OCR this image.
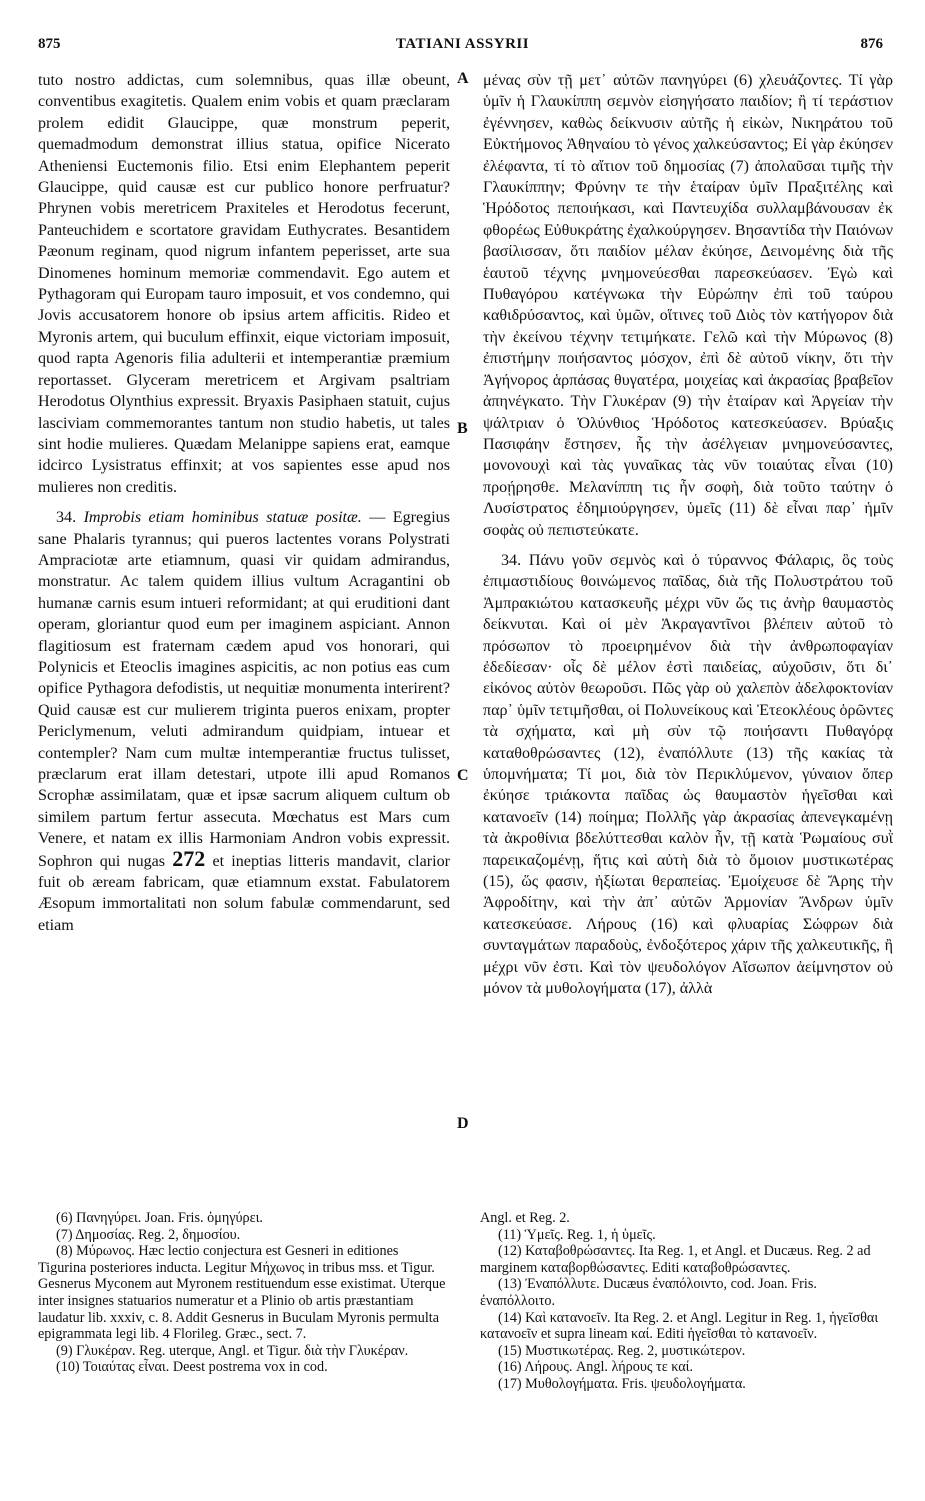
875	TATIANI ASSYRII	876

tuto nostro addictas, cum solemnibus, quas illæ obeunt, conventibus exagitetis. Qualem enim vobis et quam præclaram prolem edidit Glaucippe, quæ monstrum peperit, quemadmodum demonstrat illius statua, opifice Nicerato Atheniensi Euctemonis filio. Etsi enim Elephantem peperit Glaucippe, quid causæ est cur publico honore perfruatur? Phrynen vobis meretricem Praxiteles et Herodotus fecerunt, Panteuchidem e scortatore gravidam Euthycrates. Besantidem Pæonum reginam, quod nigrum infantem peperisset, arte sua Dinomenes hominum memoriæ commendavit. Ego autem et Pythagoram qui Europam tauro imposuit, et vos condemno, qui Jovis accusatorem honore ob ipsius artem afficitis. Rideo et Myronis artem, qui buculum effinxit, eique victoriam imposuit, quod rapta Agenoris filia adulterii et intemperantiæ præmium reportasset. Glyceram meretricem et Argivam psaltriam Herodotus Olynthius expressit. Bryaxis Pasiphaen statuit, cujus lasciviam commemorantes tantum non studio habetis, ut tales sint hodie mulieres. Quædam Melanippe sapiens erat, eamque idcirco Lysistratus effinxit; at vos sapientes esse apud nos mulieres non creditis.

34. Improbis etiam hominibus statuæ positæ. — Egregius sane Phalaris tyrannus; qui pueros lactentes vorans Polystrati Ampraciotæ arte etiamnum, quasi vir quidam admirandus, monstratur. Ac talem quidem illius vultum Acragantini ob humanæ carnis esum intueri reformidant; at qui eruditioni dant operam, gloriantur quod eum per imaginem aspiciant. Annon flagitiosum est fraternam cædem apud vos honorari, qui Polynicis et Eteoclis imagines aspicitis, ac non potius eas cum opifice Pythagora defodistis, ut nequitiæ monumenta interirent? Quid causæ est cur mulierem triginta pueros enixam, propter Periclymenum, veluti admirandum quidpiam, intuear et contempler? Nam cum multæ intemperantiæ fructus tulisset, præclarum erat illam detestari, utpote illi apud Romanos Scrophæ assimilatam, quæ et ipsæ sacrum aliquem cultum ob similem partum fertur assecuta. Mœchatus est Mars cum Venere, et natam ex illis Harmoniam Andron vobis expressit. Sophron qui nugas 272 et ineptias litteris mandavit, clarior fuit ob æream fabricam, quæ etiamnum exstat. Fabulatorem Æsopum immortalitati non solum fabulæ commendarunt, sed etiam

A
B
C
D

μένας σὺν τῇ μετ᾽ αὐτῶν πανηγύρει (6) χλευάζοντες. Τί γὰρ ὑμῖν ἡ Γλαυκίππη σεμνὸν εἰσηγήσατο παιδίον; ἢ τί τεράστιον ἐγέννησεν, καθὼς δείκνυσιν αὐτῆς ἡ εἰκὼν, Νικηράτου τοῦ Εὐκτήμονος Ἀθηναίου τὸ γένος χαλκεύσαντος; Εἰ γὰρ ἐκύησεν ἐλέφαντα, τί τὸ αἴτιον τοῦ δημοσίας (7) ἀπολαῦσαι τιμῆς τὴν Γλαυκίππην; Φρύνην τε τὴν ἑταίραν ὑμῖν Πραξιτέλης καὶ Ἡρόδοτος πεποιήκασι, καὶ Παντευχίδα συλλαμβάνουσαν ἐκ φθορέως Εὐθυκράτης ἐχαλκούργησεν. Βησαντίδα τὴν Παιόνων βασίλισσαν, ὅτι παιδίον μέλαν ἐκύησε, Δεινομένης διὰ τῆς ἑαυτοῦ τέχνης μνημονεύεσθαι παρεσκεύασεν. Ἐγὼ καὶ Πυθαγόρου κατέγνωκα τὴν Εὐρώπην ἐπὶ τοῦ ταύρου καθιδρύσαντος, καὶ ὑμῶν, οἵτινες τοῦ Διὸς τὸν κατήγορον διὰ τὴν ἐκείνου τέχνην τετιμήκατε. Γελῶ καὶ τὴν Μύρωνος (8) ἐπιστήμην ποιήσαντος μόσχον, ἐπὶ δὲ αὐτοῦ νίκην, ὅτι τὴν Ἀγήνορος ἁρπάσας θυγατέρα, μοιχείας καὶ ἀκρασίας βραβεῖον ἀπηνέγκατο. Τὴν Γλυκέραν (9) τὴν ἑταίραν καὶ Ἀργείαν τὴν ψάλτριαν ὁ Ὀλύνθιος Ἡρόδοτος κατεσκεύασεν. Βρύαξις Πασιφάην ἔστησεν, ἧς τὴν ἀσέλγειαν μνημονεύσαντες, μονονουχὶ καὶ τὰς γυναῖκας τὰς νῦν τοιαύτας εἶναι (10) προῄρησθε. Μελανίππη τις ἦν σοφὴ, διὰ τοῦτο ταύτην ὁ Λυσίστρατος ἐδημιούργησεν, ὑμεῖς (11) δὲ εἶναι παρ᾽ ἡμῖν σοφὰς οὐ πεπιστεύκατε.

34. Πάνυ γοῦν σεμνὸς καὶ ὁ τύραννος Φάλαρις, ὃς τοὺς ἐπιμαστιδίους θοινώμενος παῖδας, διὰ τῆς Πολυστράτου τοῦ Ἀμπρακιώτου κατασκευῆς μέχρι νῦν ὥς τις ἀνὴρ θαυμαστὸς δείκνυται. Καὶ οἱ μὲν Ἀκραγαντῖνοι βλέπειν αὐτοῦ τὸ πρόσωπον τὸ προειρημένον διὰ τὴν ἀνθρωποφαγίαν ἐδεδίεσαν· οἷς δὲ μέλον ἐστὶ παιδείας, αὐχοῦσιν, ὅτι δι᾽ εἰκόνος αὐτὸν θεωροῦσι. Πῶς γὰρ οὐ χαλεπὸν ἀδελφοκτονίαν παρ᾽ ὑμῖν τετιμῆσθαι, οἱ Πολυνείκους καὶ Ἐτεοκλέους ὁρῶντες τὰ σχήματα, καὶ μὴ σὺν τῷ ποιήσαντι Πυθαγόρᾳ καταθοθρώσαντες (12), ἐναπόλλυτε (13) τῆς κακίας τὰ ὑπομνήματα; Τί μοι, διὰ τὸν Περικλύμενον, γύναιον ὅπερ ἐκύησε τριάκοντα παῖδας ὡς θαυμαστὸν ἡγεῖσθαι καὶ κατανοεῖν (14) ποίημα; Πολλῆς γὰρ ἀκρασίας ἀπενεγκαμένῃ τὰ ἀκροθίνια βδελύττεσθαι καλὸν ἦν, τῇ κατὰ Ῥωμαίους συῒ παρεικαζομένῃ, ἥτις καὶ αὐτὴ διὰ τὸ ὅμοιον μυστικωτέρας (15), ὥς φασιν, ἠξίωται θεραπείας. Ἐμοίχευσε δὲ Ἄρης τὴν Ἀφροδίτην, καὶ τὴν ἀπ᾽ αὐτῶν Ἁρμονίαν Ἄνδρων ὑμῖν κατεσκεύασε. Λήρους (16) καὶ φλυαρίας Σώφρων διὰ συνταγμάτων παραδοὺς, ἐνδοξότερος χάριν τῆς χαλκευτικῆς, ἢ μέχρι νῦν ἐστι. Καὶ τὸν ψευδολόγον Αἴσωπον ἀείμνηστον οὐ μόνον τὰ μυθολογήματα (17), ἀλλὰ

(6) Πανηγύρει. Joan. Fris. ὁμηγύρει.
(7) Δημοσίας. Reg. 2, δημοσίου.
(8) Μύρωνος. Hæc lectio conjectura est Gesneri in editiones Tigurina posteriores inducta. Legitur Μήχωνος in tribus mss. et Tigur. Gesnerus Myconem aut Myronem restituendum esse existimat. Uterque inter insignes statuarios numeratur et a Plinio ob artis præstantiam laudatur lib. xxxiv, c. 8. Addit Gesnerus in Buculam Myronis permulta epigrammata legi lib. 4 Florileg. Græc., sect. 7.
(9) Γλυκέραν. Reg. uterque, Angl. et Tigur. διὰ τὴν Γλυκέραν.
(10) Τοιαύτας εἶναι. Deest postrema vox in cod.
Angl. et Reg. 2.
(11) Ὑμεῖς. Reg. 1, ἡ ὑμεῖς.
(12) Καταβοθρώσαντες. Ita Reg. 1, et Angl. et Ducæus. Reg. 2 ad marginem καταβορθώσαντες. Editi καταβοθρώσαντες.
(13) Ἐναπόλλυτε. Ducæus ἐναπόλοιντο, cod. Joan. Fris. ἐναπόλλοιτο.
(14) Καὶ κατανοεῖν. Ita Reg. 2. et Angl. Legitur in Reg. 1, ἡγεῖσθαι κατανοεῖν et supra lineam καί. Editi ἡγεῖσθαι τὸ κατανοεῖν.
(15) Μυστικωτέρας. Reg. 2, μυστικώτερον.
(16) Λήρους. Angl. λήρους τε καί.
(17) Μυθολογήματα. Fris. ψευδολογήματα.
